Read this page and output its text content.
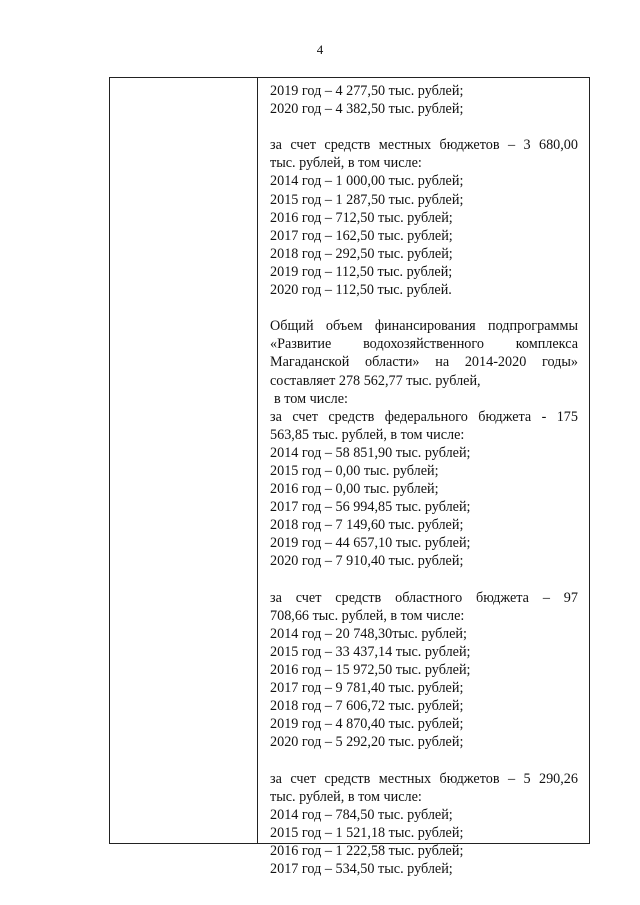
4
2019 год – 4 277,50 тыс. рублей;
2020 год – 4 382,50 тыс. рублей;
за счет средств местных бюджетов – 3 680,00
тыс. рублей, в том числе:
2014 год – 1 000,00 тыс. рублей;
2015 год – 1 287,50 тыс. рублей;
2016 год – 712,50 тыс. рублей;
2017 год – 162,50 тыс. рублей;
2018 год – 292,50 тыс. рублей;
2019 год – 112,50 тыс. рублей;
2020 год – 112,50 тыс. рублей.
Общий объем финансирования подпрограммы
«Развитие водохозяйственного комплекса
Магаданской области» на 2014-2020 годы»
составляет 278 562,77 тыс. рублей,
в том числе:
за счет средств федерального бюджета - 175
563,85 тыс. рублей, в том числе:
2014 год – 58 851,90 тыс. рублей;
2015 год – 0,00 тыс. рублей;
2016 год – 0,00 тыс. рублей;
2017 год – 56 994,85 тыс. рублей;
2018 год – 7 149,60 тыс. рублей;
2019 год – 44 657,10 тыс. рублей;
2020 год – 7 910,40 тыс. рублей;
за счет средств областного бюджета – 97
708,66 тыс. рублей, в том числе:
2014 год – 20 748,30тыс. рублей;
2015 год – 33 437,14 тыс. рублей;
2016 год – 15 972,50 тыс. рублей;
2017 год – 9 781,40 тыс. рублей;
2018 год – 7 606,72 тыс. рублей;
2019 год – 4 870,40 тыс. рублей;
2020 год – 5 292,20 тыс. рублей;
за счет средств местных бюджетов – 5 290,26
тыс. рублей, в том числе:
2014 год – 784,50 тыс. рублей;
2015 год – 1 521,18 тыс. рублей;
2016 год – 1 222,58 тыс. рублей;
2017 год – 534,50 тыс. рублей;
